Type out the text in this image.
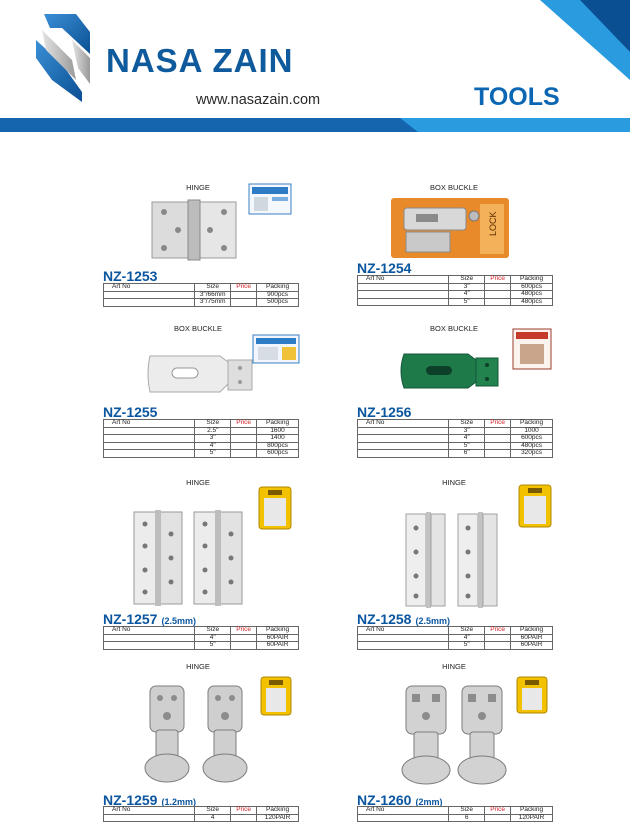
NASA ZAIN
www.nasazain.com	TOOLS
HINGE
NZ-1253
Art No	Size	Price	Packing
	3"/66mm		900pcs
	3"/75mm		500pcs
BOX BUCKLE
LOCK
NZ-1254
Art No	Size	Price	Packing
	3"		600pcs
	4"		480pcs
	5"		480pcs
BOX BUCKLE
NZ-1255
Art No	Size	Price	Packing
	2.5"		1600
	3"		1400
	4"		800pcs
	5"		600pcs
BOX BUCKLE
NZ-1256
Art No	Size	Price	Packing
	3"		1000
	4"		600pcs
	5"		480pcs
	6"		320pcs
HINGE
NZ-1257 (2.5mm)
Art No	Size	Price	Packing
	4"		60PAIR
	5"		60PAIR
HINGE
NZ-1258 (2.5mm)
Art No	Size	Price	Packing
	4"		60PAIR
	5"		60PAIR
HINGE
NZ-1259 (1.2mm)
Art No	Size	Price	Packing
	4		120PAIR
HINGE
NZ-1260 (2mm)
Art No	Size	Price	Packing
	6		120PAIR
